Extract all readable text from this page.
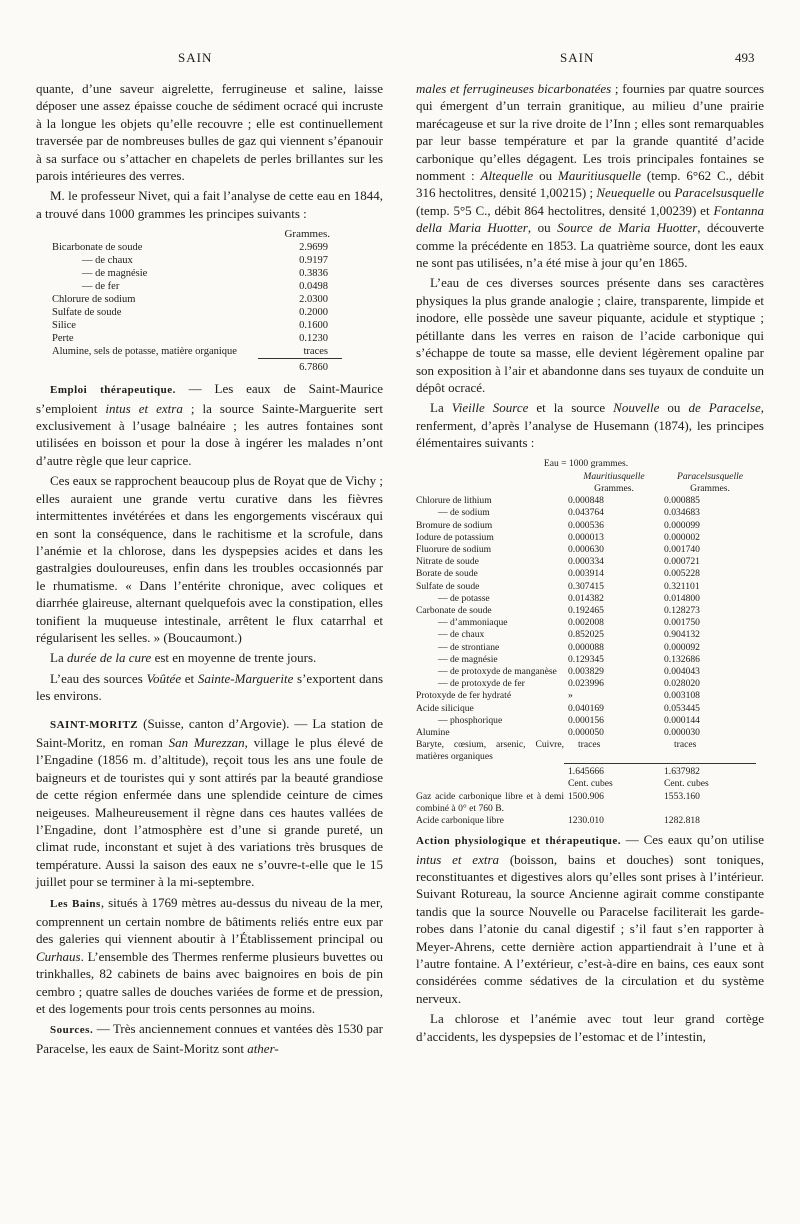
SAIN	SAIN	493

quante, d’une saveur aigrelette, ferrugineuse et saline, laisse déposer une assez épaisse couche de sédiment ocracé qui incruste à la longue les objets qu’elle recouvre ; elle est continuellement traversée par de nombreuses bulles de gaz qui viennent s’épanouir à sa surface ou s’attacher en chapelets de perles brillantes sur les parois intérieures des verres.

M. le professeur Nivet, qui a fait l’analyse de cette eau en 1844, a trouvé dans 1000 grammes les principes suivants :

	Grammes.
Bicarbonate de soude	2.9699
— de chaux	0.9197
— de magnésie	0.3836
— de fer	0.0498
Chlorure de sodium	2.0300
Sulfate de soude	0.2000
Silice	0.1600
Perte	0.1230
Alumine, sels de potasse, matière organique	traces
	6.7860

Emploi thérapeutique. — Les eaux de Saint-Maurice s’emploient intus et extra ; la source Sainte-Marguerite sert exclusivement à l’usage balnéaire ; les autres fontaines sont utilisées en boisson et pour la dose à ingérer les malades n’ont d’autre règle que leur caprice.

Ces eaux se rapprochent beaucoup plus de Royat que de Vichy ; elles auraient une grande vertu curative dans les fièvres intermittentes invétérées et dans les engorgements viscéraux qui en sont la conséquence, dans le rachitisme et la scrofule, dans l’anémie et la chlorose, dans les dyspepsies acides et dans les gastralgies douloureuses, enfin dans les troubles occasionnés par le rhumatisme. « Dans l’entérite chronique, avec coliques et diarrhée glaireuse, alternant quelquefois avec la constipation, elles tonifient la muqueuse intestinale, arrêtent le flux catarrhal et régularisent les selles. » (Boucaumont.)

La durée de la cure est en moyenne de trente jours.

L’eau des sources Voûtée et Sainte-Marguerite s’exportent dans les environs.

SAINT-MORITZ (Suisse, canton d’Argovie). — La station de Saint-Moritz, en roman San Murezzan, village le plus élevé de l’Engadine (1856 m. d’altitude), reçoit tous les ans une foule de baigneurs et de touristes qui y sont attirés par la beauté grandiose de cette région enfermée dans une splendide ceinture de cimes neigeuses. Malheureusement il règne dans ces hautes vallées de l’Engadine, dont l’atmosphère est d’une si grande pureté, un climat rude, inconstant et sujet à des variations très brusques de température. Aussi la saison des eaux ne s’ouvre-t-elle que le 15 juillet pour se terminer à la mi-septembre.

Les Bains, situés à 1769 mètres au-dessus du niveau de la mer, comprennent un certain nombre de bâtiments reliés entre eux par des galeries qui viennent aboutir à l’Établissement principal ou Curhaus. L’ensemble des Thermes renferme plusieurs buvettes ou trinkhalles, 82 cabinets de bains avec baignoires en bois de pin cembro ; quatre salles de douches variées de forme et de pression, et des logements pour trois cents personnes au moins.

Sources. — Très anciennement connues et vantées dès 1530 par Paracelse, les eaux de Saint-Moritz sont ather-

males et ferrugineuses bicarbonatées ; fournies par quatre sources qui émergent d’un terrain granitique, au milieu d’une prairie marécageuse et sur la rive droite de l’Inn ; elles sont remarquables par leur basse température et par la grande quantité d’acide carbonique qu’elles dégagent. Les trois principales fontaines se nomment : Altequelle ou Mauritiusquelle (temp. 6°62 C., débit 316 hectolitres, densité 1,00215) ; Neuequelle ou Paracelsusquelle (temp. 5°5 C., débit 864 hectolitres, densité 1,00239) et Fontanna della Maria Huotter, ou Source de Maria Huotter, découverte comme la précédente en 1853. La quatrième source, dont les eaux ne sont pas utilisées, n’a été mise à jour qu’en 1865.

L’eau de ces diverses sources présente dans ses caractères physiques la plus grande analogie ; claire, transparente, limpide et inodore, elle possède une saveur piquante, acidule et styptique ; pétillante dans les verres en raison de l’acide carbonique qui s’échappe de toute sa masse, elle devient légèrement opaline par son exposition à l’air et abandonne dans ses tuyaux de conduite un dépôt ocracé.

La Vieille Source et la source Nouvelle ou de Paracelse, renferment, d’après l’analyse de Husemann (1874), les principes élémentaires suivants :

Eau = 1000 grammes.		
	Mauritiusquelle	Paracelsusquelle
	Grammes.	Grammes.
Chlorure de lithium	0.000848	0.000885
— de sodium	0.043764	0.034683
Bromure de sodium	0.000536	0.000099
Iodure de potassium	0.000013	0.000002
Fluorure de sodium	0.000630	0.001740
Nitrate de soude	0.000334	0.000721
Borate de soude	0.003914	0.005228
Sulfate de soude	0.307415	0.321101
— de potasse	0.014382	0.014800
Carbonate de soude	0.192465	0.128273
— d’ammoniaque	0.002008	0.001750
— de chaux	0.852025	0.904132
— de strontiane	0.000088	0.000092
— de magnésie	0.129345	0.132686
— de protoxyde de manganèse	0.003829	0.004043
— de protoxyde de fer	0.023996	0.028020
Protoxyde de fer hydraté	»	0.003108
Acide silicique	0.040169	0.053445
— phosphorique	0.000156	0.000144
Alumine	0.000050	0.000030
Baryte, cœsium, arsenic, Cuivre, matières organiques	traces	traces
	1.645666	1.637982
	Cent. cubes	Cent. cubes
Gaz acide carbonique libre et à demi combiné à 0° et 760 B.	1500.906	1553.160
Acide carbonique libre	1230.010	1282.818

Action physiologique et thérapeutique. — Ces eaux qu’on utilise intus et extra (boisson, bains et douches) sont toniques, reconstituantes et digestives alors qu’elles sont prises à l’intérieur. Suivant Rotureau, la source Ancienne agirait comme constipante tandis que la source Nouvelle ou Paracelse faciliterait les garde-robes dans l’atonie du canal digestif ; s’il faut s’en rapporter à Meyer-Ahrens, cette dernière action appartiendrait à l’une et à l’autre fontaine. A l’extérieur, c’est-à-dire en bains, ces eaux sont considérées comme sédatives de la circulation et du système nerveux.

La chlorose et l’anémie avec tout leur grand cortège d’accidents, les dyspepsies de l’estomac et de l’intestin,
